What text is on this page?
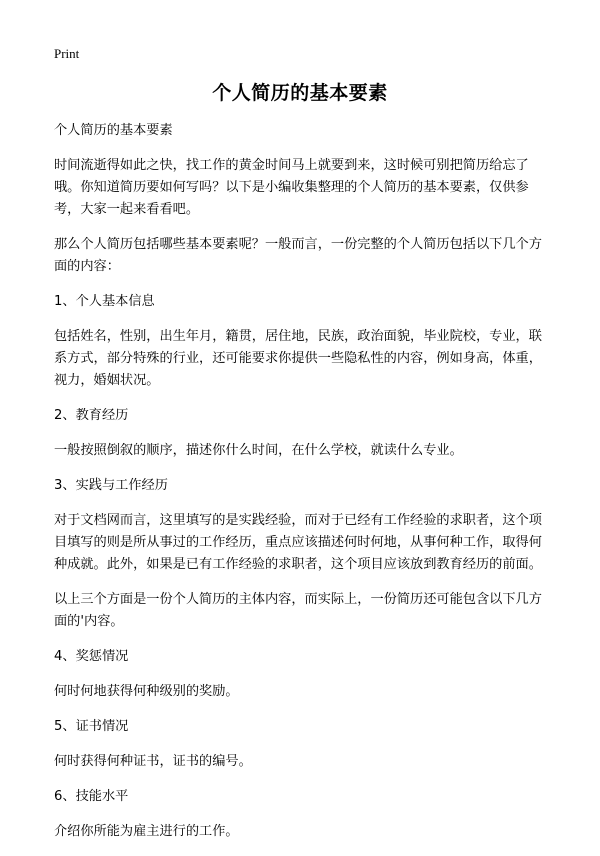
Print
个人简历的基本要素

个人简历的基本要素

时间流逝得如此之快，找工作的黄金时间马上就要到来，这时候可别把简历给忘了哦。你知道简历要如何写吗？以下是小编收集整理的个人简历的基本要素，仅供参考，大家一起来看看吧。

那么个人简历包括哪些基本要素呢？一般而言，一份完整的个人简历包括以下几个方面的内容：

1、个人基本信息

包括姓名，性别，出生年月，籍贯，居住地，民族，政治面貌，毕业院校，专业，联系方式，部分特殊的行业，还可能要求你提供一些隐私性的内容，例如身高，体重，视力，婚姻状况。

2、教育经历

一般按照倒叙的顺序，描述你什么时间，在什么学校，就读什么专业。

3、实践与工作经历

对于文档网而言，这里填写的是实践经验，而对于已经有工作经验的求职者，这个项目填写的则是所从事过的工作经历，重点应该描述何时何地，从事何种工作，取得何种成就。此外，如果是已有工作经验的求职者，这个项目应该放到教育经历的前面。

以上三个方面是一份个人简历的主体内容，而实际上，一份简历还可能包含以下几方面的'内容。

4、奖惩情况

何时何地获得何种级别的奖励。

5、证书情况

何时获得何种证书，证书的编号。

6、技能水平

介绍你所能为雇主进行的工作。
